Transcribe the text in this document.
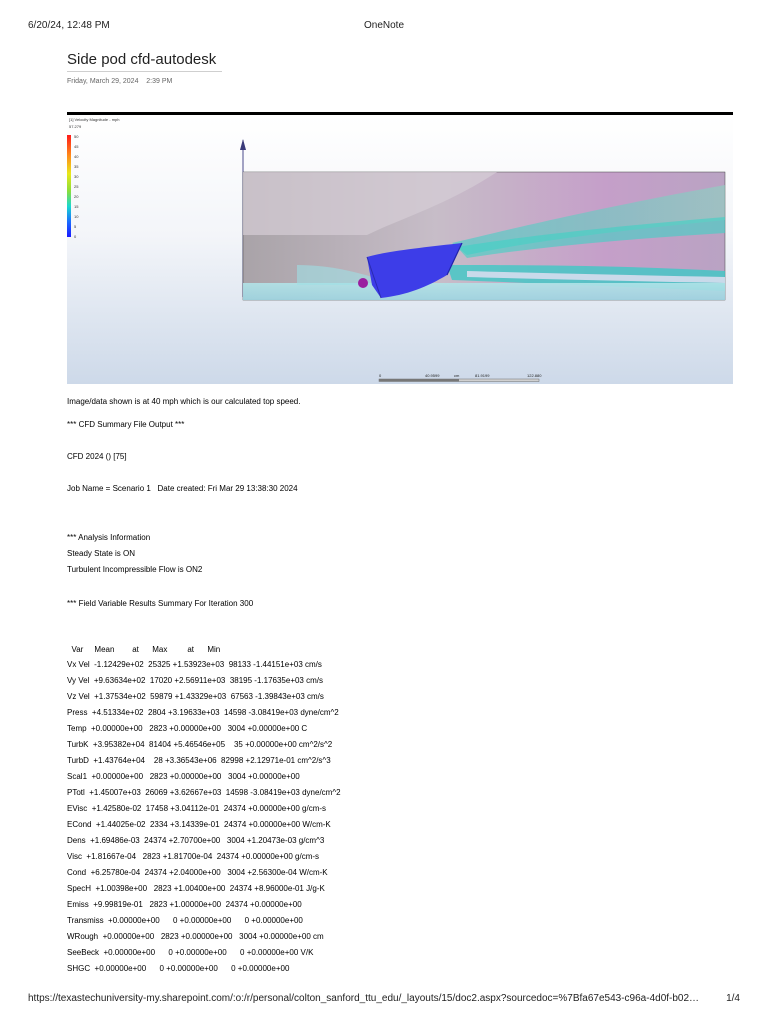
6/20/24, 12:48 PM	OneNote
Side pod cfd-autodesk
Friday, March 29, 2024 2:39 PM
[1] Velocity Magnitude - mph
57.279
50
45
40
35
30
25
20
15
10
5
0
0	40.9599	cm	81.9199	122.880
Image/data shown is at 40 mph which is our calculated top speed.
*** CFD Summary File Output ***
CFD 2024 () [75]
Job Name = Scenario 1   Date created: Fri Mar 29 13:38:30 2024
*** Analysis Information
Steady State is ON
Turbulent Incompressible Flow is ON2
*** Field Variable Results Summary For Iteration 300
Var     Mean        at      Max         at      Min
Vx Vel  -1.12429e+02  25325 +1.53923e+03  98133 -1.44151e+03 cm/s
Vy Vel  +9.63634e+02  17020 +2.56911e+03  38195 -1.17635e+03 cm/s
Vz Vel  +1.37534e+02  59879 +1.43329e+03  67563 -1.39843e+03 cm/s
Press  +4.51334e+02  2804 +3.19633e+03  14598 -3.08419e+03 dyne/cm^2
Temp  +0.00000e+00   2823 +0.00000e+00   3004 +0.00000e+00 C
TurbK  +3.95382e+04  81404 +5.46546e+05    35 +0.00000e+00 cm^2/s^2
TurbD  +1.43764e+04    28 +3.36543e+06  82998 +2.12971e-01 cm^2/s^3
Scal1  +0.00000e+00   2823 +0.00000e+00   3004 +0.00000e+00
PTotl  +1.45007e+03  26069 +3.62667e+03  14598 -3.08419e+03 dyne/cm^2
EVisc  +1.42580e-02  17458 +3.04112e-01  24374 +0.00000e+00 g/cm-s
ECond  +1.44025e-02  2334 +3.14339e-01  24374 +0.00000e+00 W/cm-K
Dens  +1.69486e-03  24374 +2.70700e+00   3004 +1.20473e-03 g/cm^3
Visc  +1.81667e-04   2823 +1.81700e-04  24374 +0.00000e+00 g/cm-s
Cond  +6.25780e-04  24374 +2.04000e+00   3004 +2.56300e-04 W/cm-K
SpecH  +1.00398e+00   2823 +1.00400e+00  24374 +8.96000e-01 J/g-K
Emiss  +9.99819e-01   2823 +1.00000e+00  24374 +0.00000e+00
Transmiss  +0.00000e+00      0 +0.00000e+00      0 +0.00000e+00
WRough  +0.00000e+00   2823 +0.00000e+00   3004 +0.00000e+00 cm
SeeBeck  +0.00000e+00      0 +0.00000e+00      0 +0.00000e+00 V/K
SHGC  +0.00000e+00      0 +0.00000e+00      0 +0.00000e+00
https://texastechuniversity-my.sharepoint.com/:o:/r/personal/colton_sanford_ttu_edu/_layouts/15/doc2.aspx?sourcedoc=%7Bfa67e543-c96a-4d0f-b02…	1/4
